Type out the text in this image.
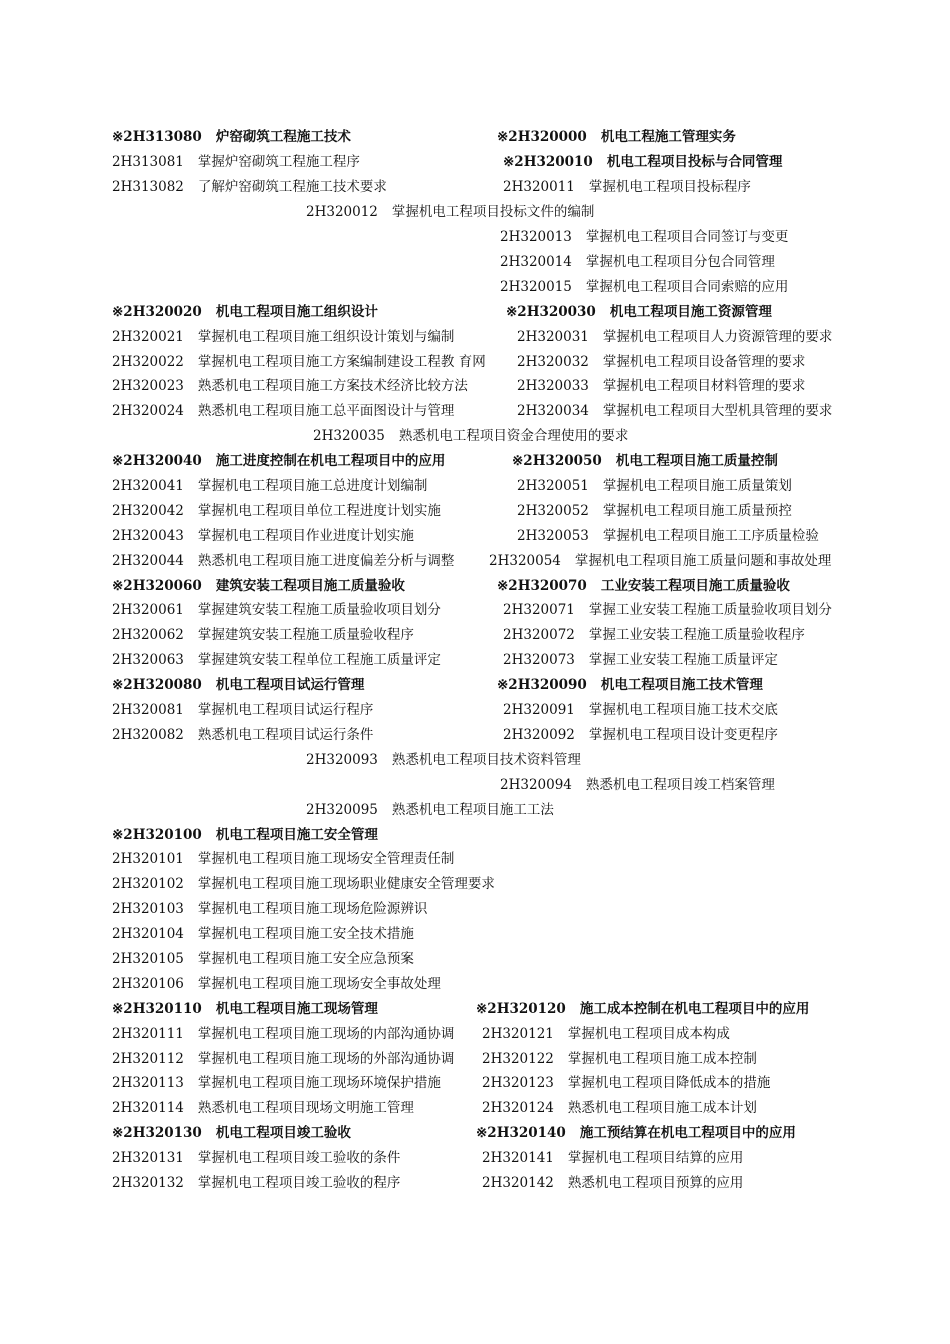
※2H313080 炉窑砌筑工程施工技术	※2H320000 机电工程施工管理实务
2H313081 掌握炉窑砌筑工程施工程序	※2H320010 机电工程项目投标与合同管理
2H313082 了解炉窑砌筑工程施工技术要求	2H320011 掌握机电工程项目投标程序
2H320012 掌握机电工程项目投标文件的编制
2H320013 掌握机电工程项目合同签订与变更
2H320014 掌握机电工程项目分包合同管理
2H320015 掌握机电工程项目合同索赔的应用
※2H320020 机电工程项目施工组织设计	※2H320030 机电工程项目施工资源管理
2H320021 掌握机电工程项目施工组织设计策划与编制	2H320031 掌握机电工程项目人力资源管理的要求
2H320022 掌握机电工程项目施工方案编制建设工程教 育网 2H320032 掌握机电工程项目设备管理的要求
2H320023 熟悉机电工程项目施工方案技术经济比较方法	2H320033 掌握机电工程项目材料管理的要求
2H320024 熟悉机电工程项目施工总平面图设计与管理	2H320034 掌握机电工程项目大型机具管理的要求
2H320035 熟悉机电工程项目资金合理使用的要求
※2H320040 施工进度控制在机电工程项目中的应用	※2H320050 机电工程项目施工质量控制
2H320041 掌握机电工程项目施工总进度计划编制	2H320051 掌握机电工程项目施工质量策划
2H320042 掌握机电工程项目单位工程进度计划实施	2H320052 掌握机电工程项目施工质量预控
2H320043 掌握机电工程项目作业进度计划实施	2H320053 掌握机电工程项目施工工序质量检验
2H320044 熟悉机电工程项目施工进度偏差分析与调整	2H320054 掌握机电工程项目施工质量问题和事故处理
※2H320060 建筑安装工程项目施工质量验收	※2H320070 工业安装工程项目施工质量验收
2H320061 掌握建筑安装工程施工质量验收项目划分	2H320071 掌握工业安装工程施工质量验收项目划分
2H320062 掌握建筑安装工程施工质量验收程序	2H320072 掌握工业安装工程施工质量验收程序
2H320063 掌握建筑安装工程单位工程施工质量评定	2H320073 掌握工业安装工程施工质量评定
※2H320080 机电工程项目试运行管理	※2H320090 机电工程项目施工技术管理
2H320081 掌握机电工程项目试运行程序	2H320091 掌握机电工程项目施工技术交底
2H320082 熟悉机电工程项目试运行条件	2H320092 掌握机电工程项目设计变更程序
2H320093 熟悉机电工程项目技术资料管理
2H320094 熟悉机电工程项目竣工档案管理
2H320095 熟悉机电工程项目施工工法
※2H320100 机电工程项目施工安全管理
2H320101 掌握机电工程项目施工现场安全管理责任制
2H320102 掌握机电工程项目施工现场职业健康安全管理要求
2H320103 掌握机电工程项目施工现场危险源辨识
2H320104 掌握机电工程项目施工安全技术措施
2H320105 掌握机电工程项目施工安全应急预案
2H320106 掌握机电工程项目施工现场安全事故处理
※2H320110 机电工程项目施工现场管理	※2H320120 施工成本控制在机电工程项目中的应用
2H320111 掌握机电工程项目施工现场的内部沟通协调 2H320121 掌握机电工程项目成本构成
2H320112 掌握机电工程项目施工现场的外部沟通协调 2H320122 掌握机电工程项目施工成本控制
2H320113 掌握机电工程项目施工现场环境保护措施	2H320123 掌握机电工程项目降低成本的措施
2H320114 熟悉机电工程项目现场文明施工管理	2H320124 熟悉机电工程项目施工成本计划
※2H320130 机电工程项目竣工验收	※2H320140 施工预结算在机电工程项目中的应用
2H320131 掌握机电工程项目竣工验收的条件	2H320141 掌握机电工程项目结算的应用
2H320132 掌握机电工程项目竣工验收的程序	2H320142 熟悉机电工程项目预算的应用
